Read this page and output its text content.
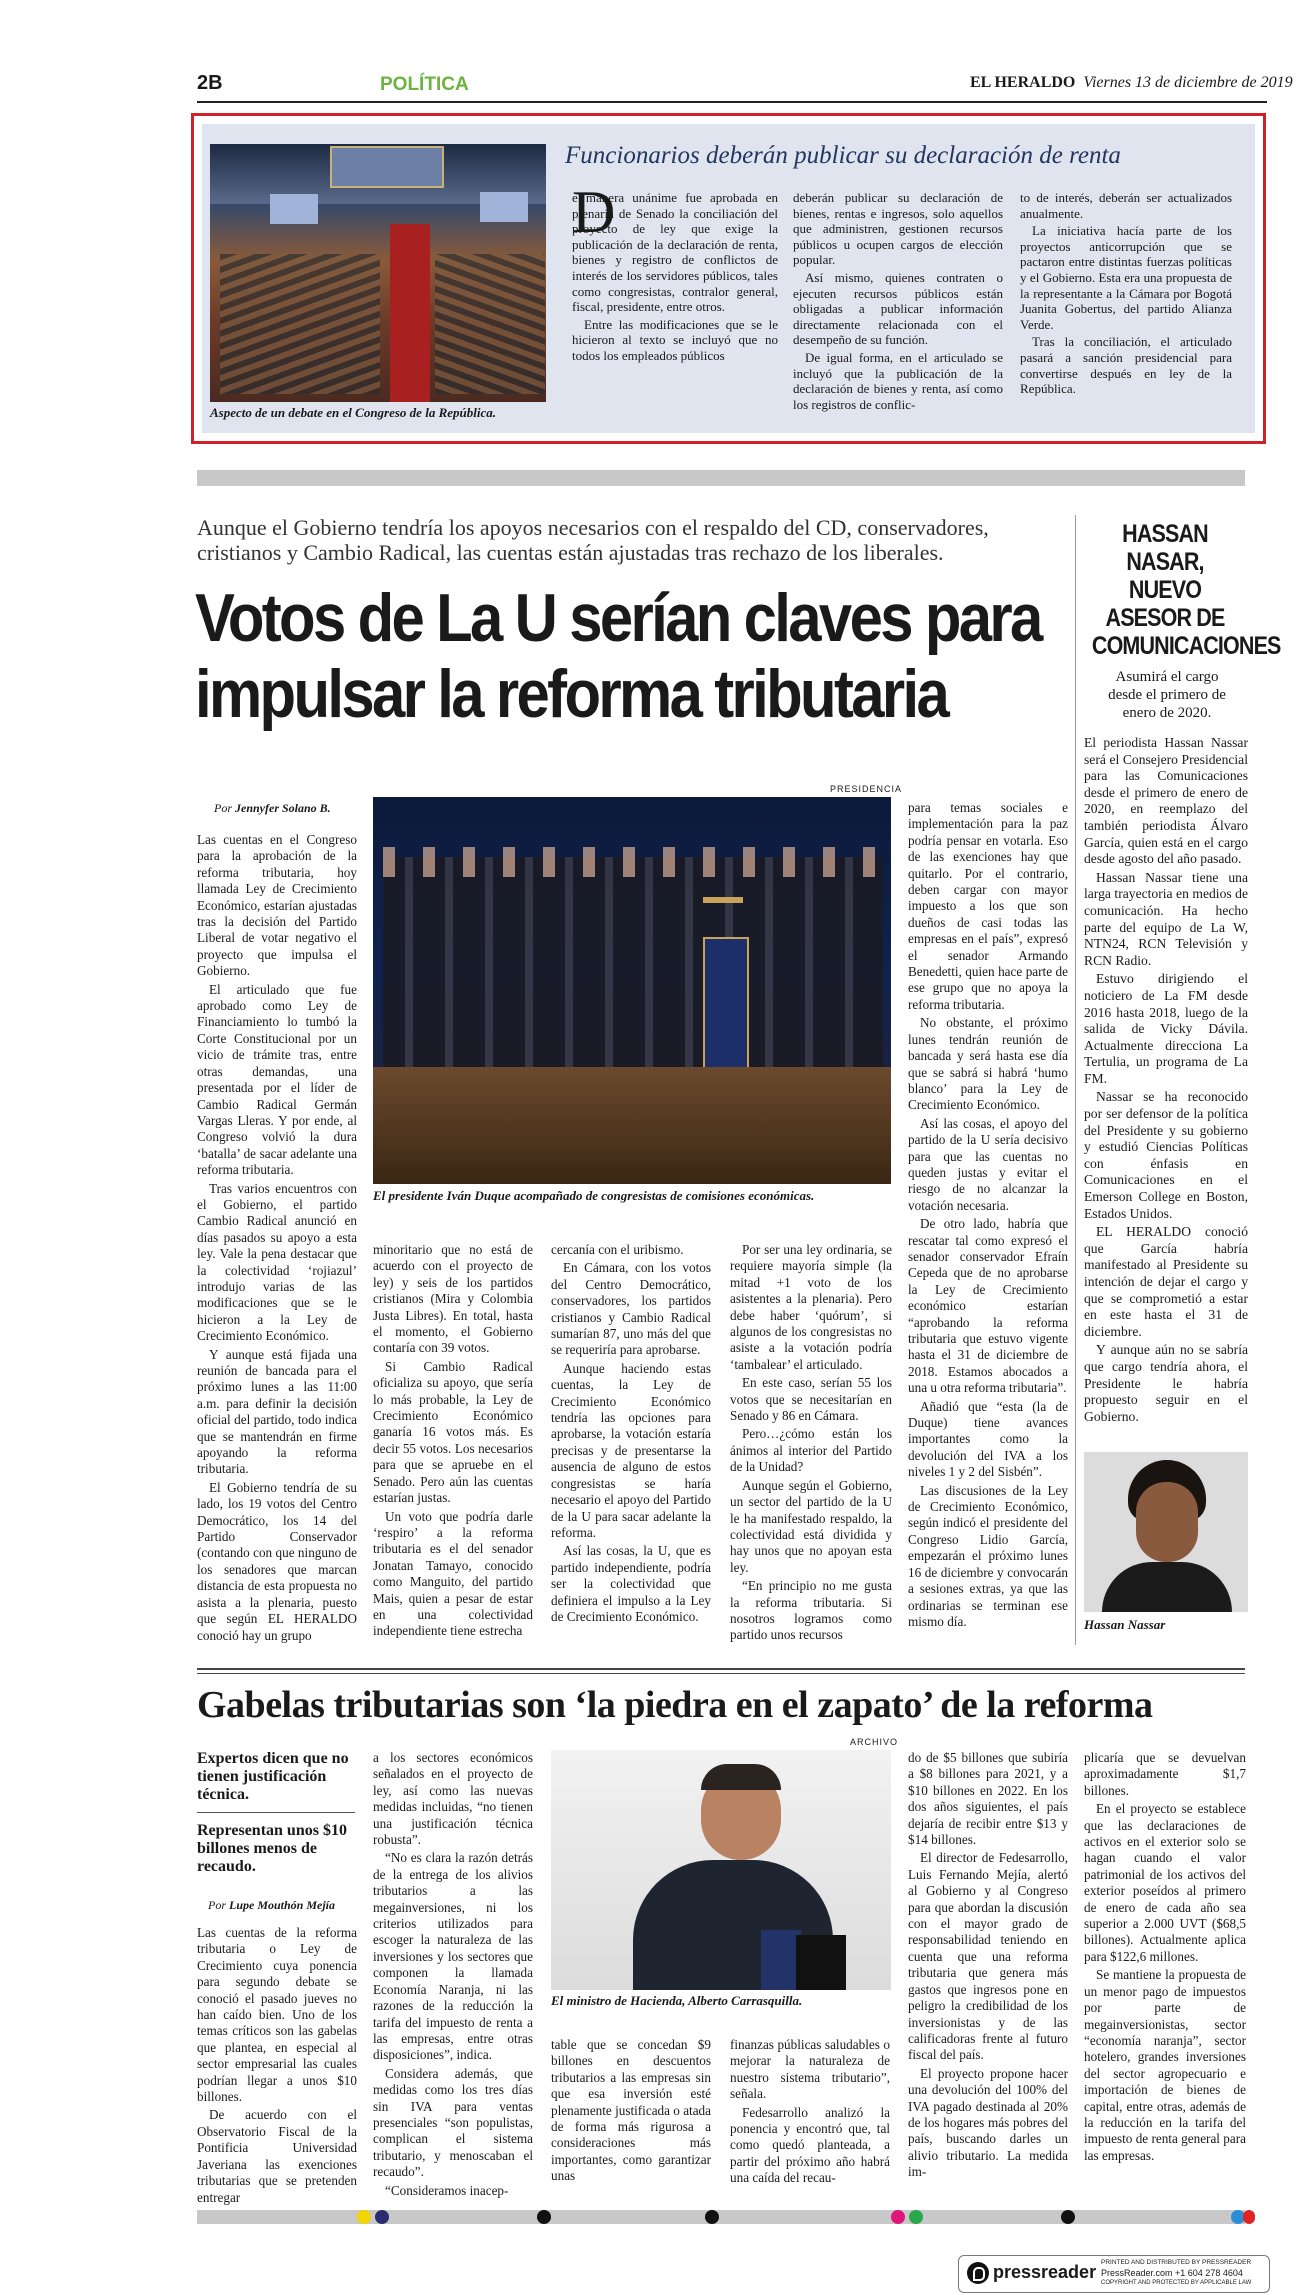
2B	POLÍTICA	EL HERALDO Viernes 13 de diciembre de 2019
Aspecto de un debate en el Congreso de la República.
Funcionarios deberán publicar su declaración de renta
D

e manera unánime fue aprobada en plenaria de Senado la conciliación del proyecto de ley que exige la publicación de la declaración de renta, bienes y registro de conflictos de interés de los servidores públicos, tales como congresistas, contralor general, fiscal, presidente, entre otros.

Entre las modificaciones que se le hicieron al texto se incluyó que no todos los empleados públicos

deberán publicar su declaración de bienes, rentas e ingresos, solo aquellos que administren, gestionen recursos públicos u ocupen cargos de elección popular.

Así mismo, quienes contraten o ejecuten recursos públicos están obligadas a publicar información directamente relacionada con el desempeño de su función.

De igual forma, en el articulado se incluyó que la publicación de la declaración de bienes y renta, así como los registros de conflic-

to de interés, deberán ser actualizados anualmente.

La iniciativa hacía parte de los proyectos anticorrupción que se pactaron entre distintas fuerzas políticas y el Gobierno. Esta era una propuesta de la representante a la Cámara por Bogotá Juanita Gobertus, del partido Alianza Verde.

Tras la conciliación, el articulado pasará a sanción presidencial para convertirse después en ley de la República.

Aunque el Gobierno tendría los apoyos necesarios con el respaldo del CD, conservadores, cristianos y Cambio Radical, las cuentas están ajustadas tras rechazo de los liberales.
Votos de La U serían claves para impulsar la reforma tributaria
Por Jennyfer Solano B.
PRESIDENCIA
El presidente Iván Duque acompañado de congresistas de comisiones económicas.

Las cuentas en el Congreso para la aprobación de la reforma tributaria, hoy llamada Ley de Crecimiento Económico, estarían ajustadas tras la decisión del Partido Liberal de votar negativo el proyecto que impulsa el Gobierno.

El articulado que fue aprobado como Ley de Financiamiento lo tumbó la Corte Constitucional por un vicio de trámite tras, entre otras demandas, una presentada por el líder de Cambio Radical Germán Vargas Lleras. Y por ende, al Congreso volvió la dura ‘batalla’ de sacar adelante una reforma tributaria.

Tras varios encuentros con el Gobierno, el partido Cambio Radical anunció en días pasados su apoyo a esta ley. Vale la pena destacar que la colectividad ‘rojiazul’ introdujo varias de las modificaciones que se le hicieron a la Ley de Crecimiento Económico.

Y aunque está fijada una reunión de bancada para el próximo lunes a las 11:00 a.m. para definir la decisión oficial del partido, todo indica que se mantendrán en firme apoyando la reforma tributaria.

El Gobierno tendría de su lado, los 19 votos del Centro Democrático, los 14 del Partido Conservador (contando con que ninguno de los senadores que marcan distancia de esta propuesta no asista a la plenaria, puesto que según EL HERALDO conoció hay un grupo

minoritario que no está de acuerdo con el proyecto de ley) y seis de los partidos cristianos (Mira y Colombia Justa Libres). En total, hasta el momento, el Gobierno contaría con 39 votos.

Si Cambio Radical oficializa su apoyo, que sería lo más probable, la Ley de Crecimiento Económico ganaría 16 votos más. Es decir 55 votos. Los necesarios para que se apruebe en el Senado. Pero aún las cuentas estarían justas.

Un voto que podría darle ‘respiro’ a la reforma tributaria es el del senador Jonatan Tamayo, conocido como Manguito, del partido Mais, quien a pesar de estar en una colectividad independiente tiene estrecha

cercanía con el uribismo.

En Cámara, con los votos del Centro Democrático, conservadores, los partidos cristianos y Cambio Radical sumarían 87, uno más del que se requeriría para aprobarse.

Aunque haciendo estas cuentas, la Ley de Crecimiento Económico tendría las opciones para aprobarse, la votación estaría precisas y de presentarse la ausencia de alguno de estos congresistas se haría necesario el apoyo del Partido de la U para sacar adelante la reforma.

Así las cosas, la U, que es partido independiente, podría ser la colectividad que definiera el impulso a la Ley de Crecimiento Económico.

Por ser una ley ordinaria, se requiere mayoría simple (la mitad +1 voto de los asistentes a la plenaria). Pero debe haber ‘quórum’, si algunos de los congresistas no asiste a la votación podría ‘tambalear’ el articulado.

En este caso, serían 55 los votos que se necesitarían en Senado y 86 en Cámara.

Pero…¿cómo están los ánimos al interior del Partido de la Unidad?

Aunque según el Gobierno, un sector del partido de la U le ha manifestado respaldo, la colectividad está dividida y hay unos que no apoyan esta ley.

“En principio no me gusta la reforma tributaria. Si nosotros logramos como partido unos recursos

para temas sociales e implementación para la paz podría pensar en votarla. Eso de las exenciones hay que quitarlo. Por el contrario, deben cargar con mayor impuesto a los que son dueños de casi todas las empresas en el país”, expresó el senador Armando Benedetti, quien hace parte de ese grupo que no apoya la reforma tributaria.

No obstante, el próximo lunes tendrán reunión de bancada y será hasta ese día que se sabrá si habrá ‘humo blanco’ para la Ley de Crecimiento Económico.

Así las cosas, el apoyo del partido de la U sería decisivo para que las cuentas no queden justas y evitar el riesgo de no alcanzar la votación necesaria.

De otro lado, habría que rescatar tal como expresó el senador conservador Efraín Cepeda que de no aprobarse la Ley de Crecimiento económico estarían “aprobando la reforma tributaria que estuvo vigente hasta el 31 de diciembre de 2018. Estamos abocados a una u otra reforma tributaria”.

Añadió que “esta (la de Duque) tiene avances importantes como la devolución del IVA a los niveles 1 y 2 del Sisbén”.

Las discusiones de la Ley de Crecimiento Económico, según indicó el presidente del Congreso Lidio García, empezarán el próximo lunes 16 de diciembre y convocarán a sesiones extras, ya que las ordinarias se terminan ese mismo día.

HASSAN NASAR, NUEVO ASESOR DE COMUNICACIONES
Asumirá el cargo desde el primero de enero de 2020.

El periodista Hassan Nassar será el Consejero Presidencial para las Comunicaciones desde el primero de enero de 2020, en reemplazo del también periodista Álvaro García, quien está en el cargo desde agosto del año pasado.

Hassan Nassar tiene una larga trayectoria en medios de comunicación. Ha hecho parte del equipo de La W, NTN24, RCN Televisión y RCN Radio.

Estuvo dirigiendo el noticiero de La FM desde 2016 hasta 2018, luego de la salida de Vicky Dávila. Actualmente direcciona La Tertulia, un programa de La FM.

Nassar se ha reconocido por ser defensor de la política del Presidente y su gobierno y estudió Ciencias Políticas con énfasis en Comunicaciones en el Emerson College en Boston, Estados Unidos.

EL HERALDO conoció que García habría manifestado al Presidente su intención de dejar el cargo y que se comprometió a estar en este hasta el 31 de diciembre.

Y aunque aún no se sabría que cargo tendría ahora, el Presidente le habría propuesto seguir en el Gobierno.

Hassan Nassar
Gabelas tributarias son ‘la piedra en el zapato’ de la reforma
Expertos dicen que no tienen justificación técnica.
Representan unos $10 billones menos de recaudo.
Por Lupe Mouthón Mejía
ARCHIVO
El ministro de Hacienda, Alberto Carrasquilla.

Las cuentas de la reforma tributaria o Ley de Crecimiento cuya ponencia para segundo debate se conoció el pasado jueves no han caído bien. Uno de los temas críticos son las gabelas que plantea, en especial al sector empresarial las cuales podrían llegar a unos $10 billones.

De acuerdo con el Observatorio Fiscal de la Pontificia Universidad Javeriana las exenciones tributarias que se pretenden entregar

a los sectores económicos señalados en el proyecto de ley, así como las nuevas medidas incluidas, “no tienen una justificación técnica robusta”.

“No es clara la razón detrás de la entrega de los alivios tributarios a las megainversiones, ni los criterios utilizados para escoger la naturaleza de las inversiones y los sectores que componen la llamada Economía Naranja, ni las razones de la reducción la tarifa del impuesto de renta a las empresas, entre otras disposiciones”, indica.

Considera además, que medidas como los tres días sin IVA para ventas presenciales “son populistas, complican el sistema tributario, y menoscaban el recaudo”.

“Consideramos inacep-

table que se concedan $9 billones en descuentos tributarios a las empresas sin que esa inversión esté plenamente justificada o atada de forma más rigurosa a consideraciones más importantes, como garantizar unas

finanzas públicas saludables o mejorar la naturaleza de nuestro sistema tributario”, señala.

Fedesarrollo analizó la ponencia y encontró que, tal como quedó planteada, a partir del próximo año habrá una caída del recau-

do de $5 billones que subiría a $8 billones para 2021, y a $10 billones en 2022. En los dos años siguientes, el país dejaría de recibir entre $13 y $14 billones.

El director de Fedesarrollo, Luis Fernando Mejía, alertó al Gobierno y al Congreso para que abordan la discusión con el mayor grado de responsabilidad teniendo en cuenta que una reforma tributaria que genera más gastos que ingresos pone en peligro la credibilidad de los inversionistas y de las calificadoras frente al futuro fiscal del país.

El proyecto propone hacer una devolución del 100% del IVA pagado destinada al 20% de los hogares más pobres del país, buscando darles un alivio tributario. La medida im-

plicaría que se devuelvan aproximadamente $1,7 billones.

En el proyecto se establece que las declaraciones de activos en el exterior solo se hagan cuando el valor patrimonial de los activos del exterior poseídos al primero de enero de cada año sea superior a 2.000 UVT ($68,5 billones). Actualmente aplica para $122,6 millones.

Se mantiene la propuesta de un menor pago de impuestos por parte de megainversionistas, sector “economía naranja”, sector hotelero, grandes inversiones del sector agropecuario e importación de bienes de capital, entre otras, además de la reducción en la tarifa del impuesto de renta general para las empresas.

pressreader PRINTED AND DISTRIBUTED BY PRESSREADER
PressReader.com +1 604 278 4604
COPYRIGHT AND PROTECTED BY APPLICABLE LAW
